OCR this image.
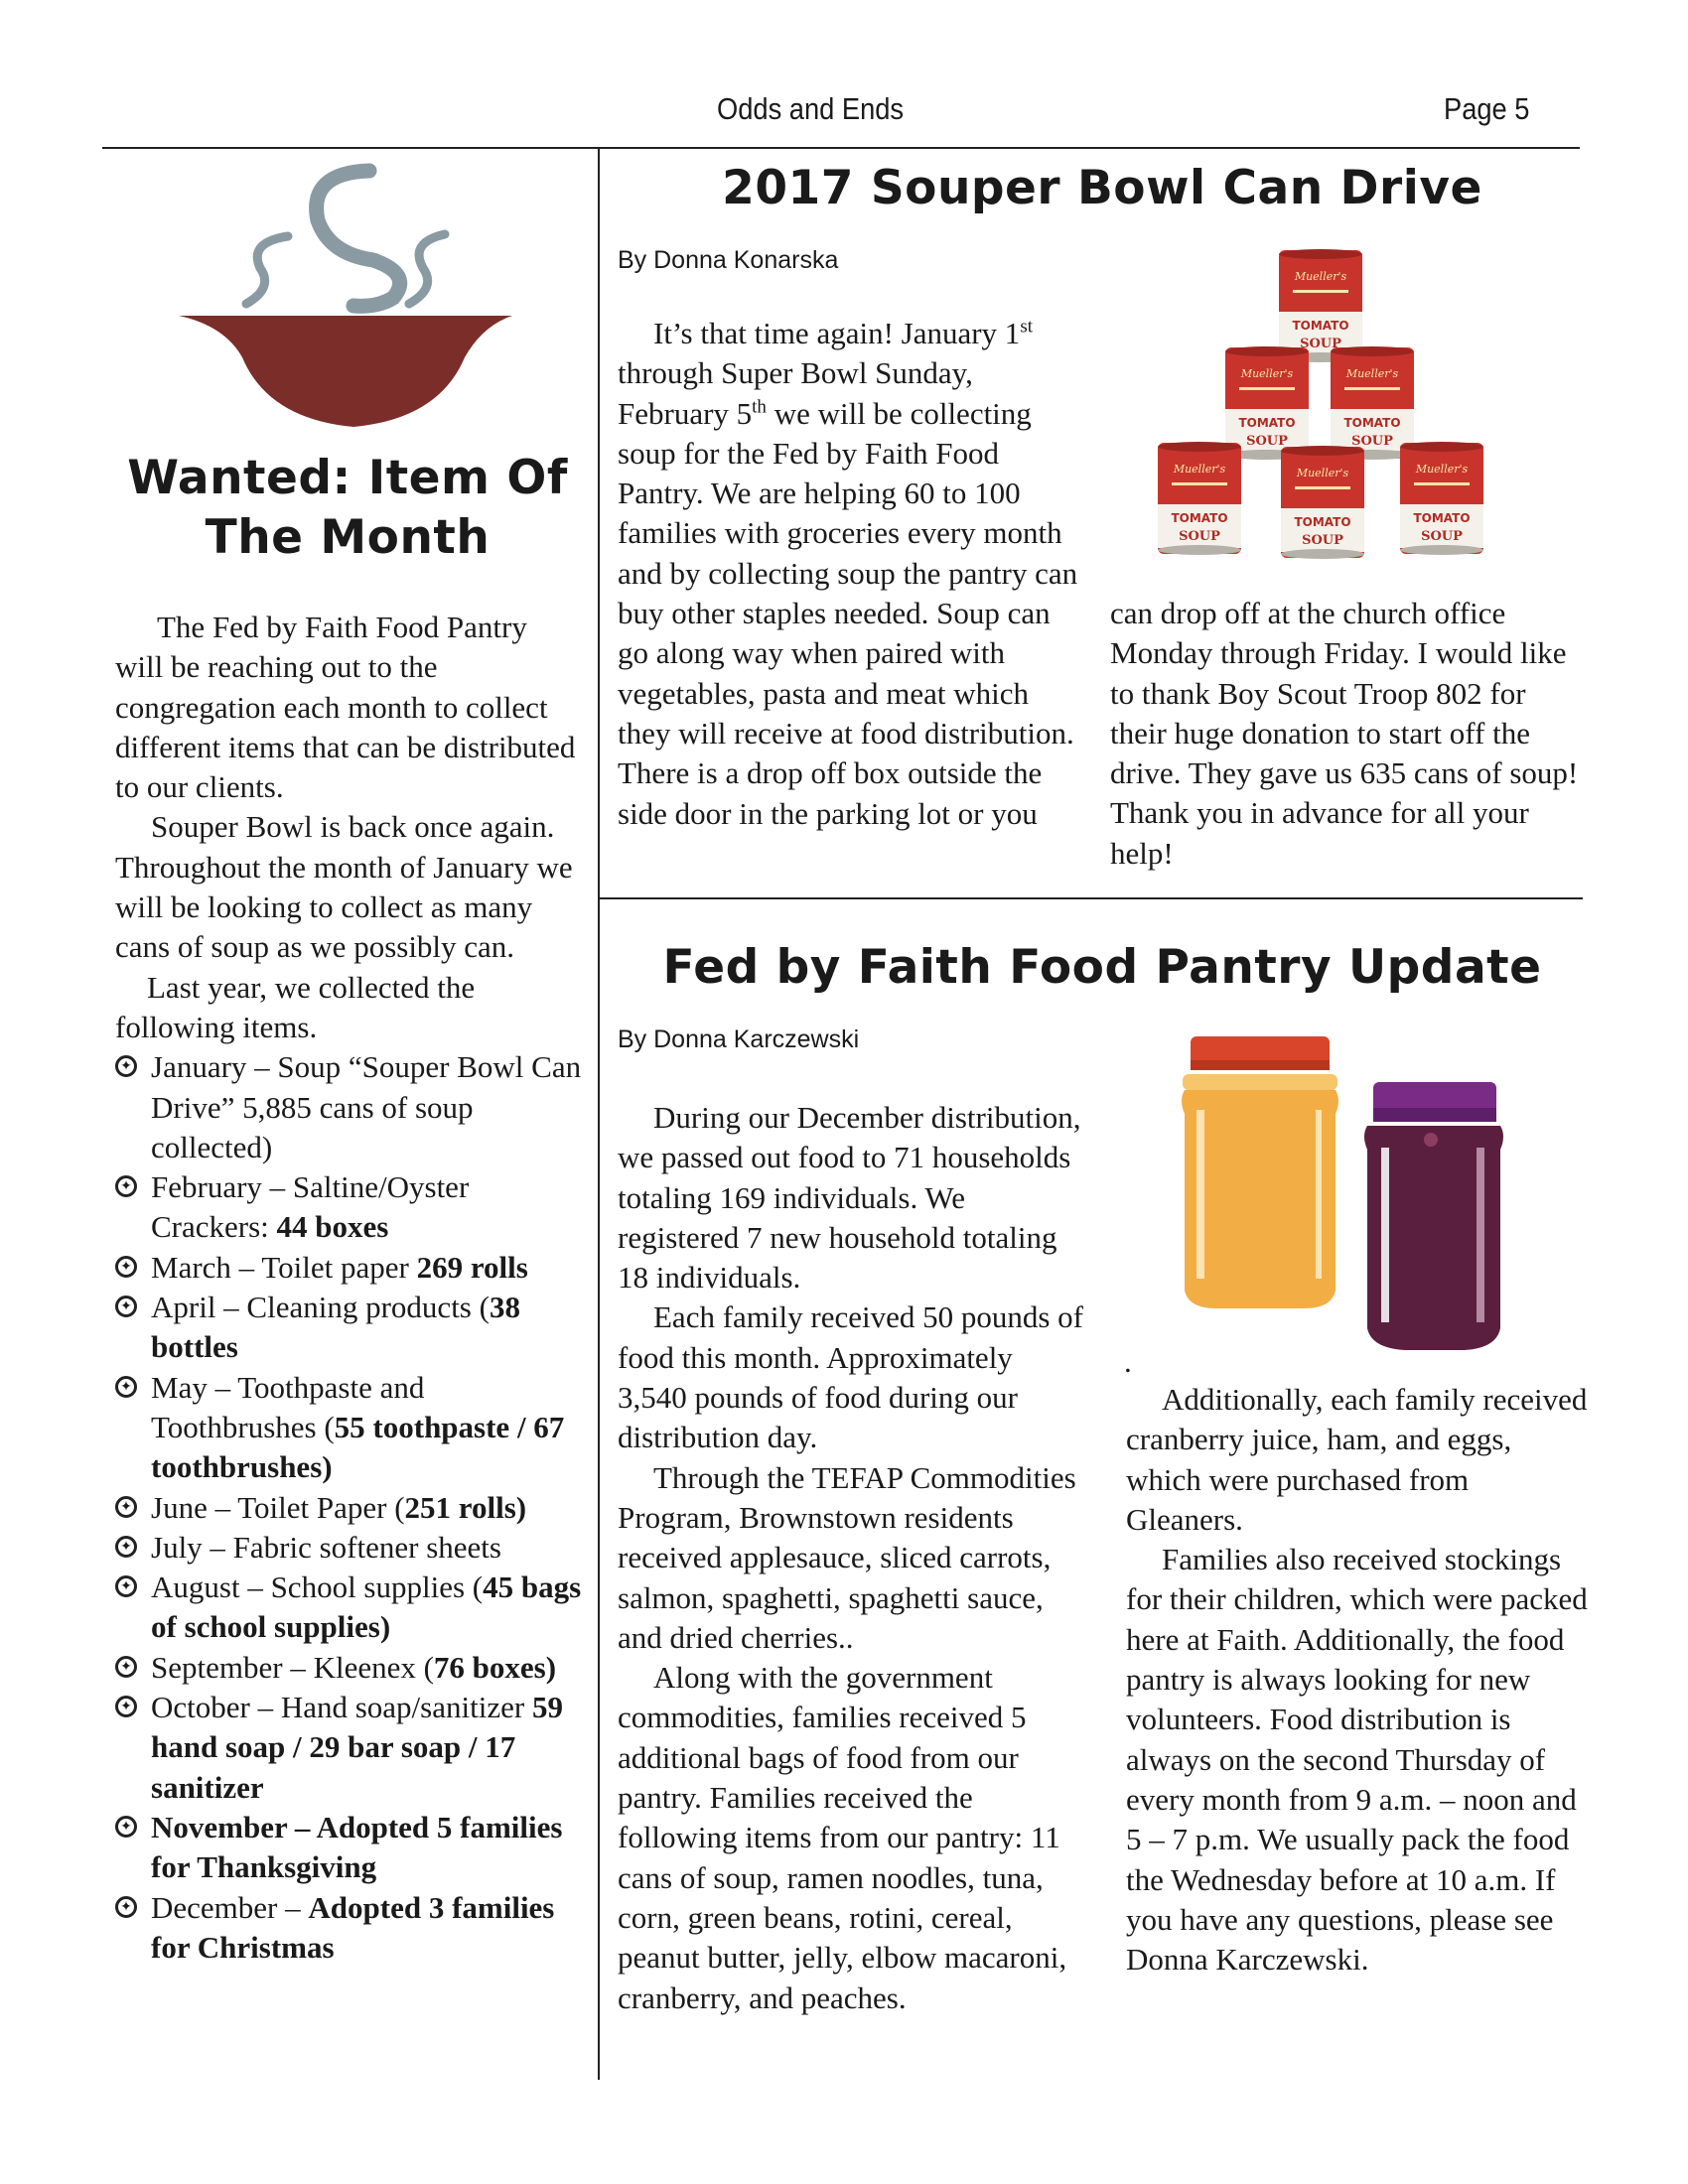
Odds and Ends	Page 5
Wanted: Item Of
The Month

The Fed by Faith Food Pantry will be reaching out to the congregation each month to collect different items that can be distributed to our clients.

Souper Bowl is back once again. Throughout the month of January we will be looking to collect as many cans of soup as we possibly can.

Last year, we collected the following items.

✦ January – Soup “Souper Bowl Can Drive” 5,885 cans of soup collected)
✦ February – Saltine/Oyster Crackers: 44 boxes
✦ March – Toilet paper 269 rolls
✦ April – Cleaning products (38 bottles
✦ May – Toothpaste and Toothbrushes (55 toothpaste / 67 toothbrushes)
✦ June – Toilet Paper (251 rolls)
✦ July – Fabric softener sheets
✦ August – School supplies (45 bags of school supplies)
✦ September – Kleenex (76 boxes)
✦ October – Hand soap/sanitizer 59 hand soap / 29 bar soap / 17 sanitizer
✦ November – Adopted 5 families for Thanksgiving
✦ December – Adopted 3 families for Christmas
2017 Souper Bowl Can Drive
By Donna Konarska

It’s that time again! January 1st through Super Bowl Sunday, February 5th we will be collecting soup for the Fed by Faith Food Pantry. We are helping 60 to 100 families with groceries every month and by collecting soup the pantry can buy other staples needed. Soup can go along way when paired with vegetables, pasta and meat which they will receive at food distribution. There is a drop off box outside the side door in the parking lot or you

can drop off at the church office Monday through Friday. I would like to thank Boy Scout Troop 802 for their huge donation to start off the drive. They gave us 635 cans of soup! Thank you in advance for all your help!

Mueller's
TOMATO
SOUP
Fed by Faith Food Pantry Update
By Donna Karczewski

During our December distribution, we passed out food to 71 households totaling 169 individuals. We registered 7 new household totaling 18 individuals.

Each family received 50 pounds of food this month. Approximately 3,540 pounds of food during our distribution day.

Through the TEFAP Commodities Program, Brownstown residents received applesauce, sliced carrots, salmon, spaghetti, spaghetti sauce, and dried cherries..

Along with the government commodities, families received 5 additional bags of food from our pantry. Families received the following items from our pantry: 11 cans of soup, ramen noodles, tuna, corn, green beans, rotini, cereal, peanut butter, jelly, elbow macaroni, cranberry, and peaches.

.

Additionally, each family received cranberry juice, ham, and eggs, which were purchased from Gleaners.

Families also received stockings for their children, which were packed here at Faith. Additionally, the food pantry is always looking for new volunteers. Food distribution is always on the second Thursday of every month from 9 a.m. – noon and 5 – 7 p.m. We usually pack the food the Wednesday before at 10 a.m. If you have any questions, please see Donna Karczewski.
